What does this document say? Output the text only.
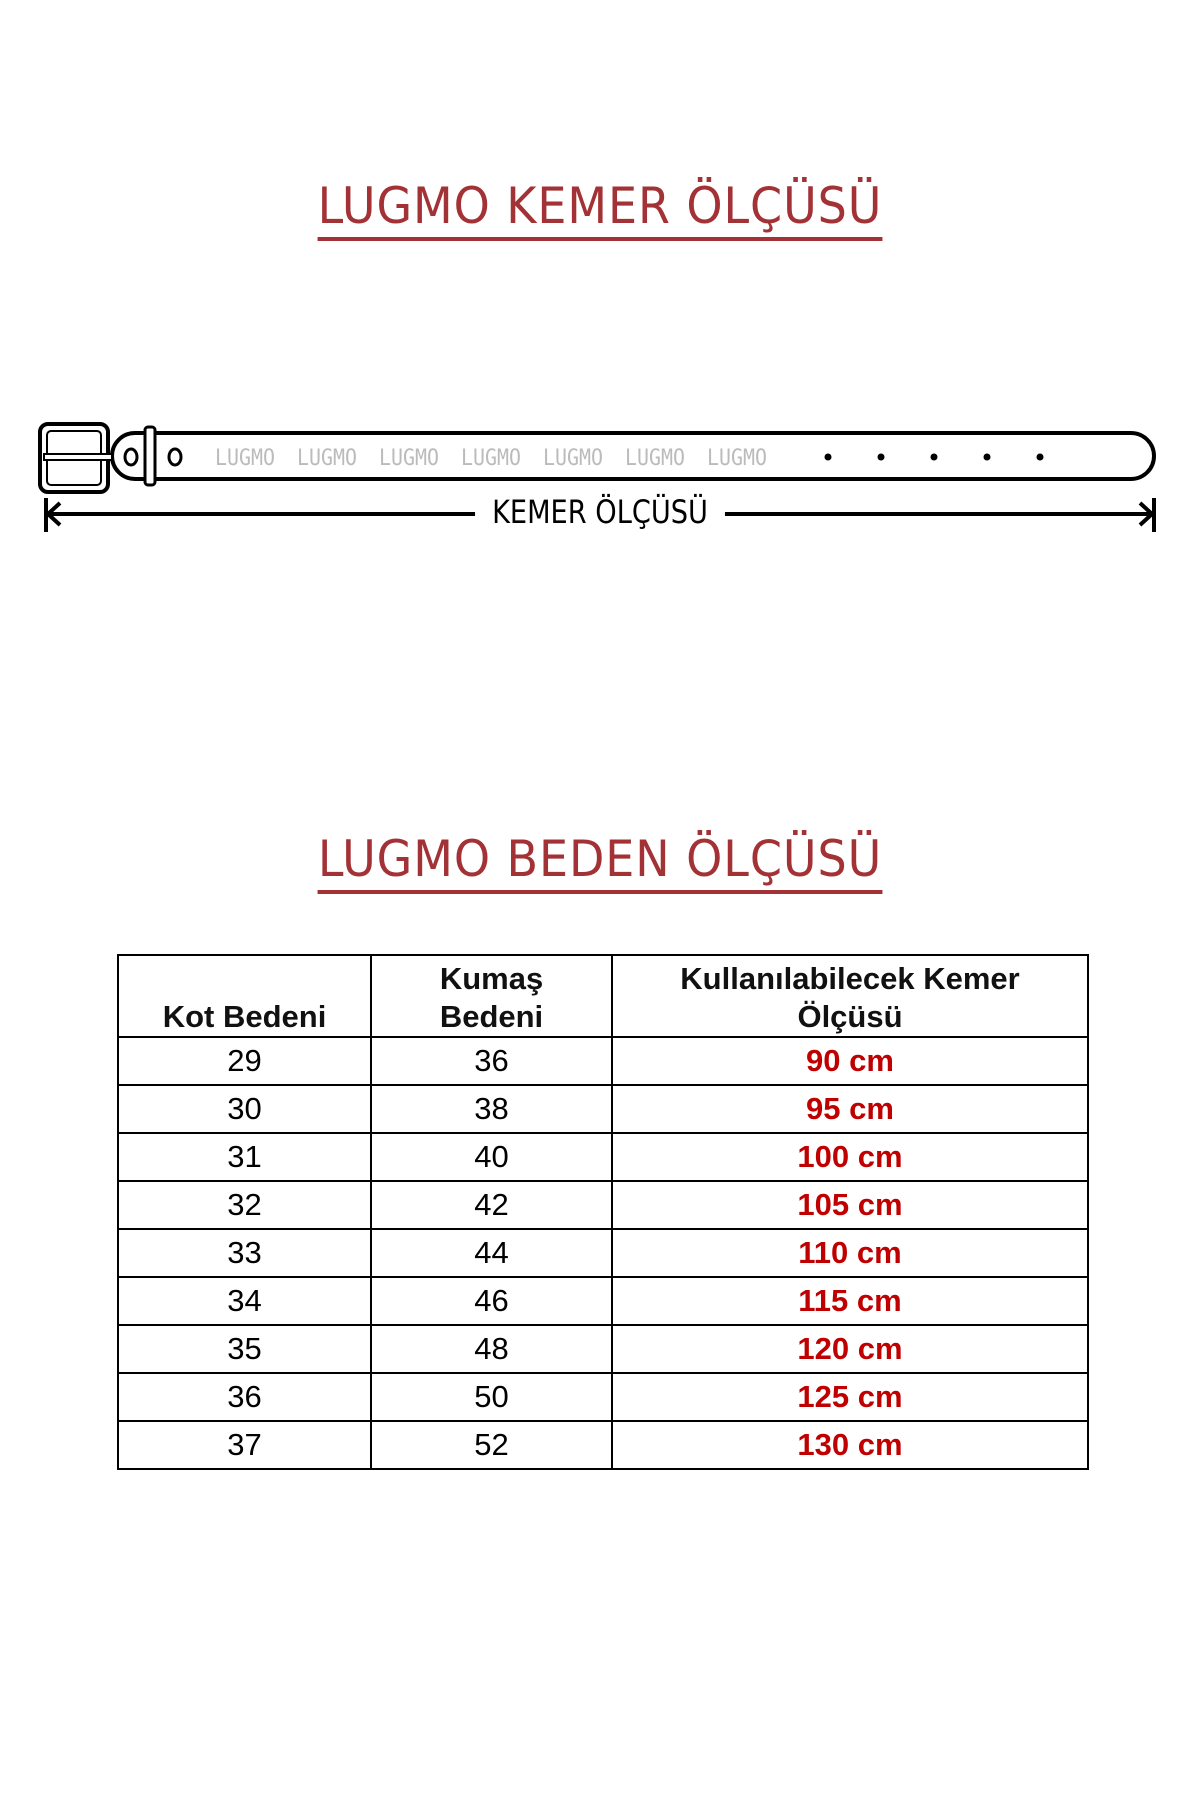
LUGMO KEMER ÖLÇÜSÜ
LUGMO LUGMO LUGMO LUGMO LUGMO LUGMO LUGMO
KEMER ÖLÇÜSÜ
LUGMO BEDEN ÖLÇÜSÜ
Kot Bedeni	Kumaş Bedeni	Kullanılabilecek Kemer Ölçüsü
29	36	90 cm
30	38	95 cm
31	40	100 cm
32	42	105 cm
33	44	110 cm
34	46	115 cm
35	48	120 cm
36	50	125 cm
37	52	130 cm
